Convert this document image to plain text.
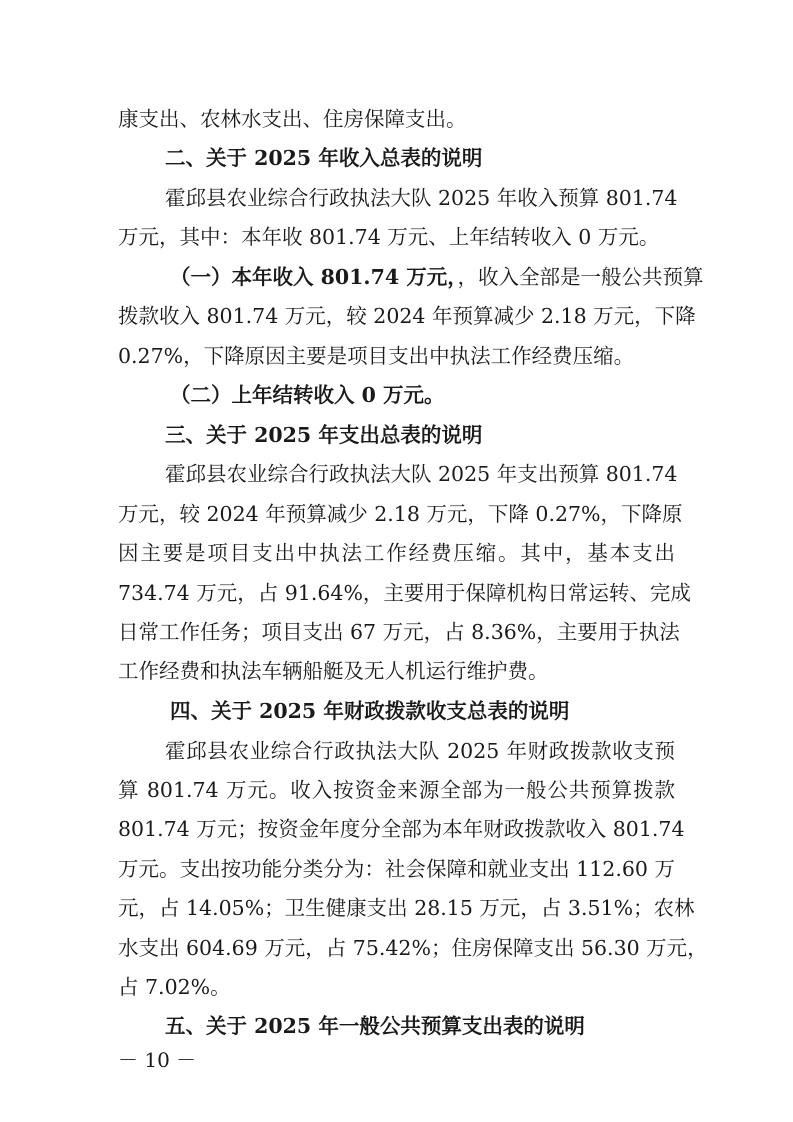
康支出、农林水支出、住房保障支出。
二、关于 2025 年收入总表的说明
霍邱县农业综合行政执法大队 2025 年收入预算 801.74
万元，其中：本年收 801.74 万元、上年结转收入 0 万元。
（一）本年收入 801.74 万元，，收入全部是一般公共预算
拨款收入 801.74 万元，较 2024 年预算减少 2.18 万元，下降
0.27%，下降原因主要是项目支出中执法工作经费压缩。
（二）上年结转收入 0 万元。
三、关于 2025 年支出总表的说明
霍邱县农业综合行政执法大队 2025 年支出预算 801.74
万元，较 2024 年预算减少 2.18 万元，下降 0.27%，下降原
因主要是项目支出中执法工作经费压缩。其中，基本支出
734.74 万元，占 91.64%，主要用于保障机构日常运转、完成
日常工作任务；项目支出 67 万元，占 8.36%，主要用于执法
工作经费和执法车辆船艇及无人机运行维护费。
四、关于 2025 年财政拨款收支总表的说明
霍邱县农业综合行政执法大队 2025 年财政拨款收支预
算 801.74 万元。收入按资金来源全部为一般公共预算拨款
801.74 万元；按资金年度分全部为本年财政拨款收入 801.74
万元。支出按功能分类分为：社会保障和就业支出 112.60 万
元，占 14.05%；卫生健康支出 28.15 万元，占 3.51%；农林
水支出 604.69 万元，占 75.42%；住房保障支出 56.30 万元，
占 7.02%。
五、关于 2025 年一般公共预算支出表的说明
－ 10 －
